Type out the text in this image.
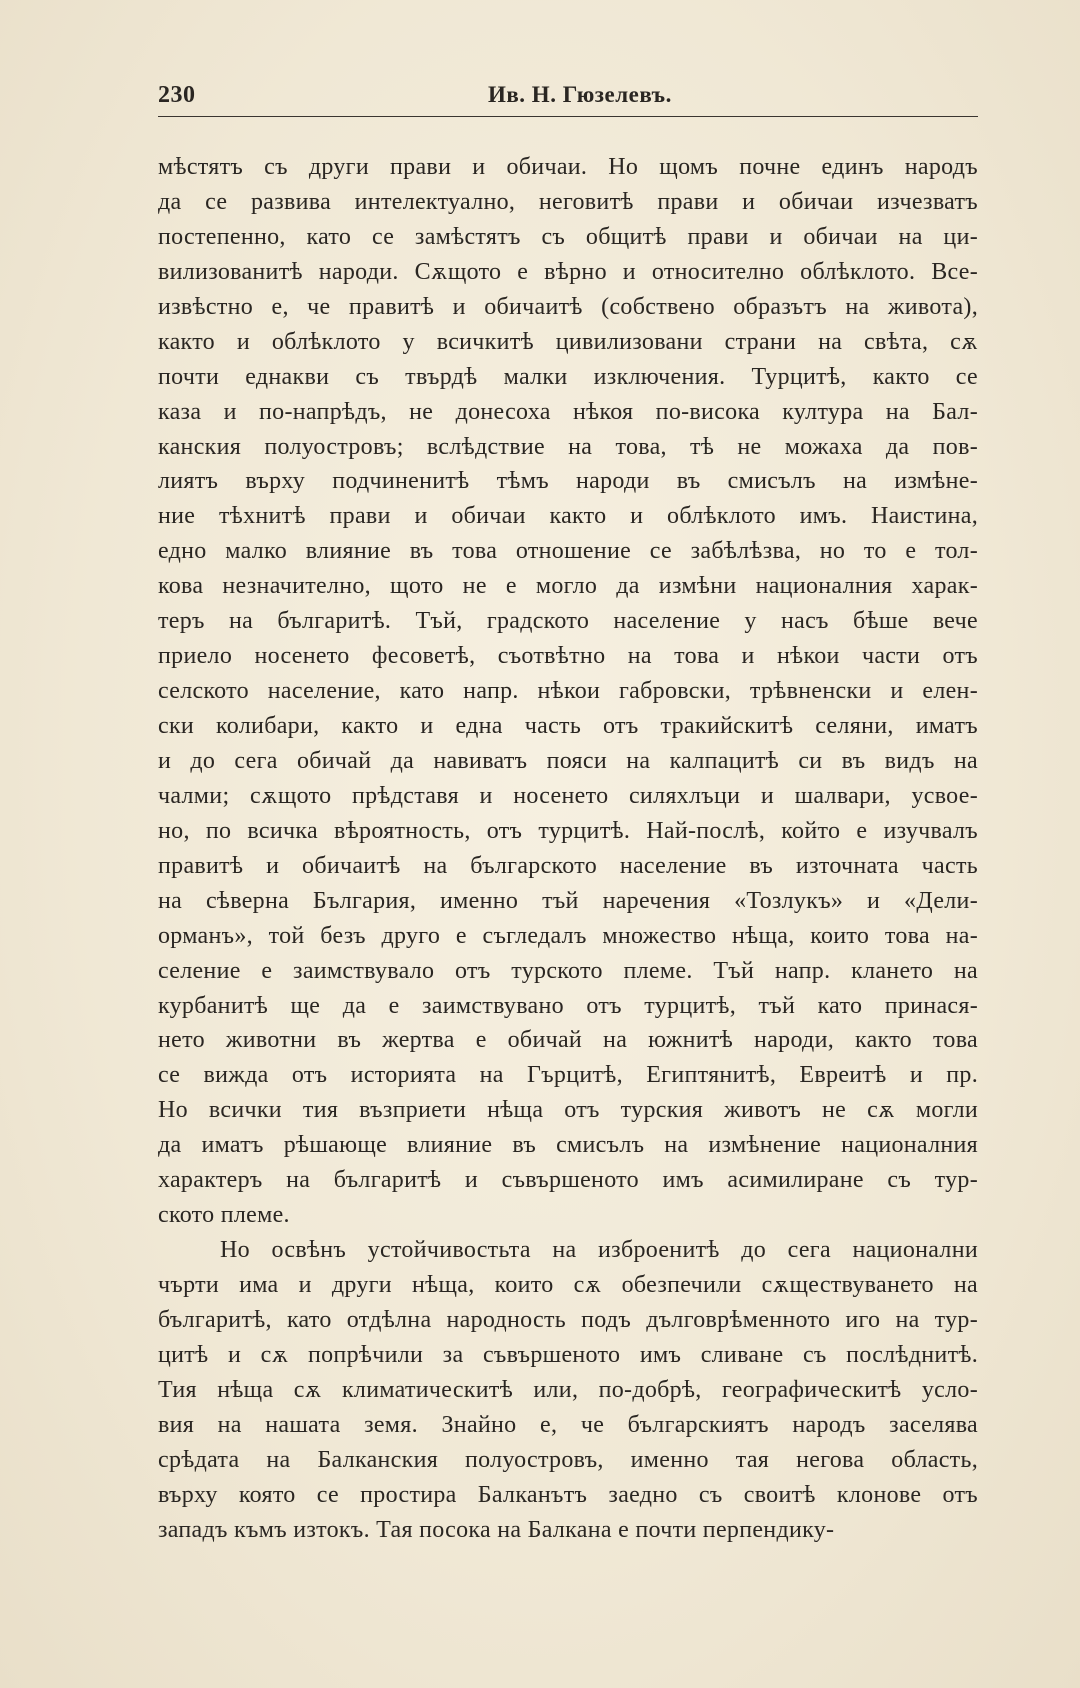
230	Ив. Н. Гюзелевъ.
мѣстятъ съ други прави и обичаи. Но щомъ почне единъ народъ
да се развива интелектуално, неговитѣ прави и обичаи изчезватъ
постепенно, като се замѣстятъ съ общитѣ прави и обичаи на ци-
вилизованитѣ народи. Сѫщото е вѣрно и относително облѣклото. Все-
извѣстно е, че правитѣ и обичаитѣ (собствено образътъ на живота),
както и облѣклото у всичкитѣ цивилизовани страни на свѣта, сѫ
почти еднакви съ твърдѣ малки изключения. Турцитѣ, както се
каза и по-напрѣдъ, не донесоха нѣкоя по-висока култура на Бал-
канския полуостровъ; вслѣдствие на това, тѣ не можаха да пов-
лиятъ върху подчиненитѣ тѣмъ народи въ смисълъ на измѣне-
ние тѣхнитѣ прави и обичаи както и облѣклото имъ. Наистина,
едно малко влияние въ това отношение се забѣлѣзва, но то е тол-
кова незначително, щото не е могло да измѣни националния харак-
теръ на българитѣ. Тъй, градското население у насъ бѣше вече
приело носенето фесоветѣ, съотвѣтно на това и нѣкои части отъ
селското население, като напр. нѣкои габровски, трѣвненски и елен-
ски колибари, както и една часть отъ тракийскитѣ селяни, иматъ
и до сега обичай да навиватъ пояси на калпацитѣ си въ видъ на
чалми; сѫщото прѣдставя и носенето силяхлъци и шалвари, усвое-
но, по всичка вѣроятность, отъ турцитѣ. Най-послѣ, който е изучвалъ
правитѣ и обичаитѣ на българското население въ източната часть
на сѣверна България, именно тъй наречения «Тозлукъ» и «Дели-
орманъ», той безъ друго е съгледалъ множество нѣща, които това на-
селение е заимствувало отъ турското племе. Тъй напр. клането на
курбанитѣ ще да е заимствувано отъ турцитѣ, тъй като принася-
нето животни въ жертва е обичай на южнитѣ народи, както това
се вижда отъ историята на Гърцитѣ, Египтянитѣ, Евреитѣ и пр.
Но всички тия възприети нѣща отъ турския животъ не сѫ могли
да иматъ рѣшающе влияние въ смисълъ на измѣнение националния
характеръ на българитѣ и съвършеното имъ асимилиране съ тур-
ското племе.
Но освѣнъ устойчивостьта на изброенитѣ до сега национални
чърти има и други нѣща, които сѫ обезпечили сѫществуването на
българитѣ, като отдѣлна народность подъ дълговрѣменното иго на тур-
цитѣ и сѫ попрѣчили за съвършеното имъ сливане съ послѣднитѣ.
Тия нѣща сѫ климатическитѣ или, по-добрѣ, географическитѣ усло-
вия на нашата земя. Знайно е, че българскиятъ народъ заселява
срѣдата на Балканския полуостровъ, именно тая негова область,
върху която се простира Балканътъ заедно съ своитѣ клонове отъ
западъ къмъ изтокъ. Тая посока на Балкана е почти перпендику-
